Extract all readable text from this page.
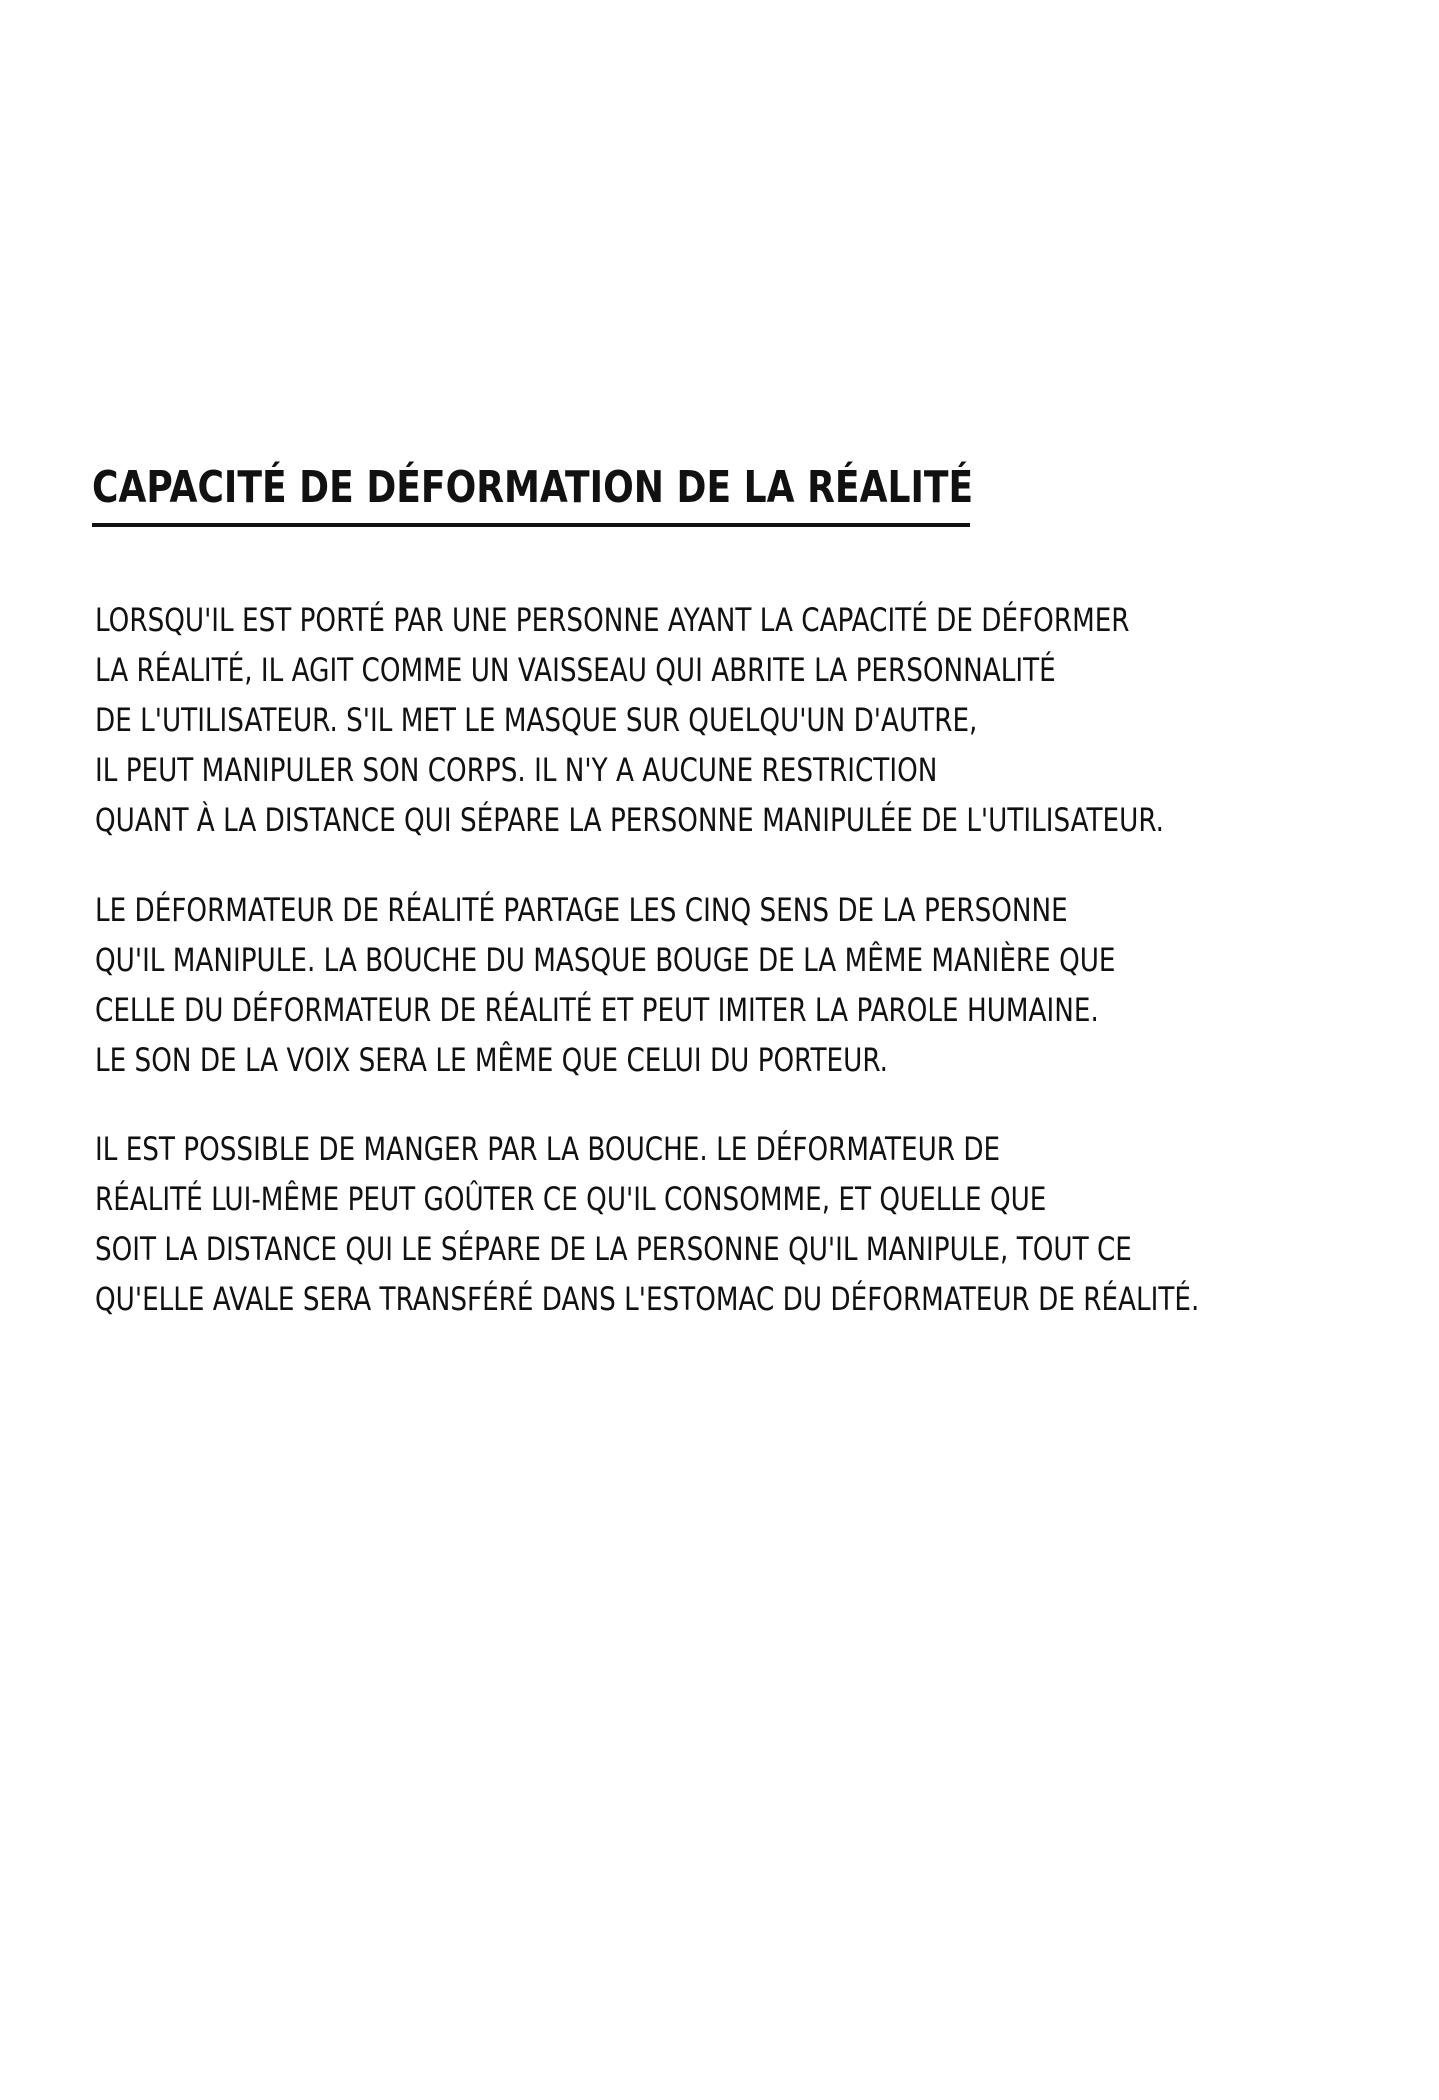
CAPACITÉ DE DÉFORMATION DE LA RÉALITÉ
LORSQU'IL EST PORTÉ PAR UNE PERSONNE AYANT LA CAPACITÉ DE DÉFORMER
LA RÉALITÉ, IL AGIT COMME UN VAISSEAU QUI ABRITE LA PERSONNALITÉ
DE L'UTILISATEUR. S'IL MET LE MASQUE SUR QUELQU'UN D'AUTRE,
IL PEUT MANIPULER SON CORPS. IL N'Y A AUCUNE RESTRICTION
QUANT À LA DISTANCE QUI SÉPARE LA PERSONNE MANIPULÉE DE L'UTILISATEUR.
LE DÉFORMATEUR DE RÉALITÉ PARTAGE LES CINQ SENS DE LA PERSONNE
QU'IL MANIPULE. LA BOUCHE DU MASQUE BOUGE DE LA MÊME MANIÈRE QUE
CELLE DU DÉFORMATEUR DE RÉALITÉ ET PEUT IMITER LA PAROLE HUMAINE.
LE SON DE LA VOIX SERA LE MÊME QUE CELUI DU PORTEUR.
IL EST POSSIBLE DE MANGER PAR LA BOUCHE. LE DÉFORMATEUR DE
RÉALITÉ LUI-MÊME PEUT GOÛTER CE QU'IL CONSOMME, ET QUELLE QUE
SOIT LA DISTANCE QUI LE SÉPARE DE LA PERSONNE QU'IL MANIPULE, TOUT CE
QU'ELLE AVALE SERA TRANSFÉRÉ DANS L'ESTOMAC DU DÉFORMATEUR DE RÉALITÉ.
